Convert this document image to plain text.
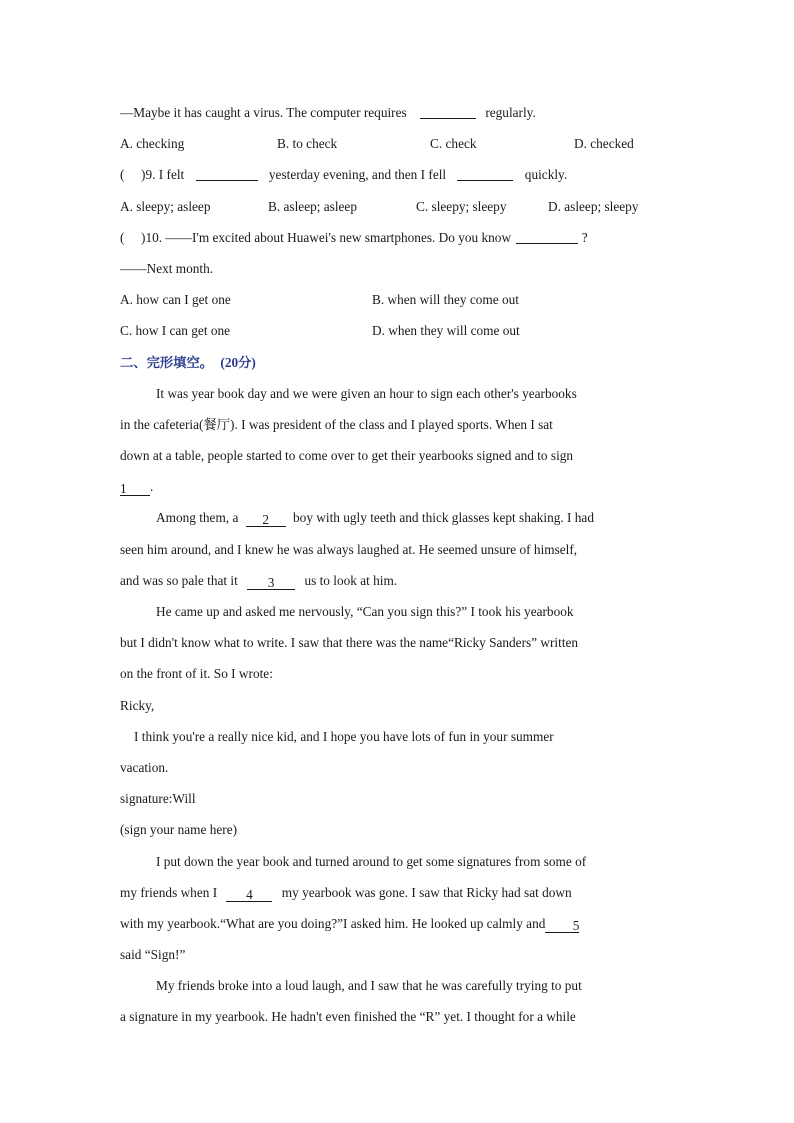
—Maybe it has caught a virus. The computer requires	regularly.
A. checking	B. to check	C. check	D. checked
(　 )9. I felt	yesterday evening, and then I fell	quickly.
A. sleepy; asleep	B. asleep; asleep	C. sleepy; sleepy	D. asleep; sleepy
(　 )10. ——I'm excited about Huawei's new smartphones. Do you know	?
——Next month.
A. how can I get one	B. when will they come out
C. how I can get one	D. when they will come out
二、完形填空。 (20分)
It was year book day and we were given an hour to sign each other's yearbooks
in the cafeteria(餐厅). I was president of the class and I played sports. When I sat
down at a table, people started to come over to get their yearbooks signed and to sign
1 .
Among them, a 2 boy with ugly teeth and thick glasses kept shaking. I had
seen him around, and I knew he was always laughed at. He seemed unsure of himself,
and was so pale that it 3 us to look at him.
He came up and asked me nervously, “Can you sign this?” I took his yearbook
but I didn't know what to write. I saw that there was the name“Ricky Sanders” written
on the front of it. So I wrote:
Ricky,
I think you're a really nice kid, and I hope you have lots of fun in your summer
vacation.
signature:Will
(sign your name here)
I put down the year book and turned around to get some signatures from some of
my friends when I 4 my yearbook was gone. I saw that Ricky had sat down
with my yearbook.“What are you doing?”I asked him. He looked up calmly and 5
said “Sign!”
My friends broke into a loud laugh, and I saw that he was carefully trying to put
a signature in my yearbook. He hadn't even finished the “R” yet. I thought for a while
